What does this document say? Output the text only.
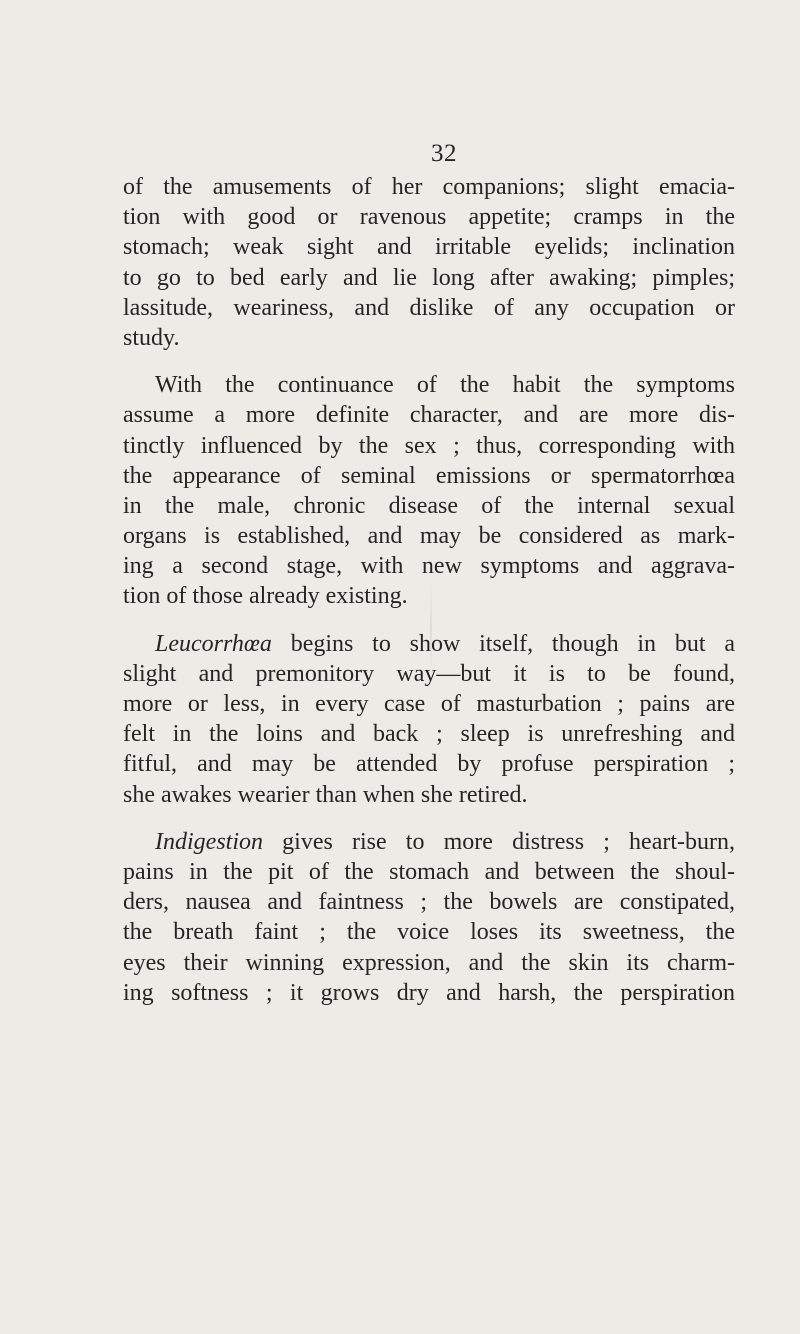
32
of the amusements of her companions; slight emacia-
tion with good or ravenous appetite; cramps in the
stomach; weak sight and irritable eyelids; inclination
to go to bed early and lie long after awaking; pimples;
lassitude, weariness, and dislike of any occupation or
study.
With the continuance of the habit the symptoms
assume a more definite character, and are more dis-
tinctly influenced by the sex ; thus, corresponding with
the appearance of seminal emissions or spermatorrhœa
in the male, chronic disease of the internal sexual
organs is established, and may be considered as mark-
ing a second stage, with new symptoms and aggrava-
tion of those already existing.
Leucorrhœa begins to show itself, though in but a
slight and premonitory way—but it is to be found,
more or less, in every case of masturbation ; pains are
felt in the loins and back ; sleep is unrefreshing and
fitful, and may be attended by profuse perspiration ;
she awakes wearier than when she retired.
Indigestion gives rise to more distress ; heart-burn,
pains in the pit of the stomach and between the shoul-
ders, nausea and faintness ; the bowels are constipated,
the breath faint ; the voice loses its sweetness, the
eyes their winning expression, and the skin its charm-
ing softness ; it grows dry and harsh, the perspiration
